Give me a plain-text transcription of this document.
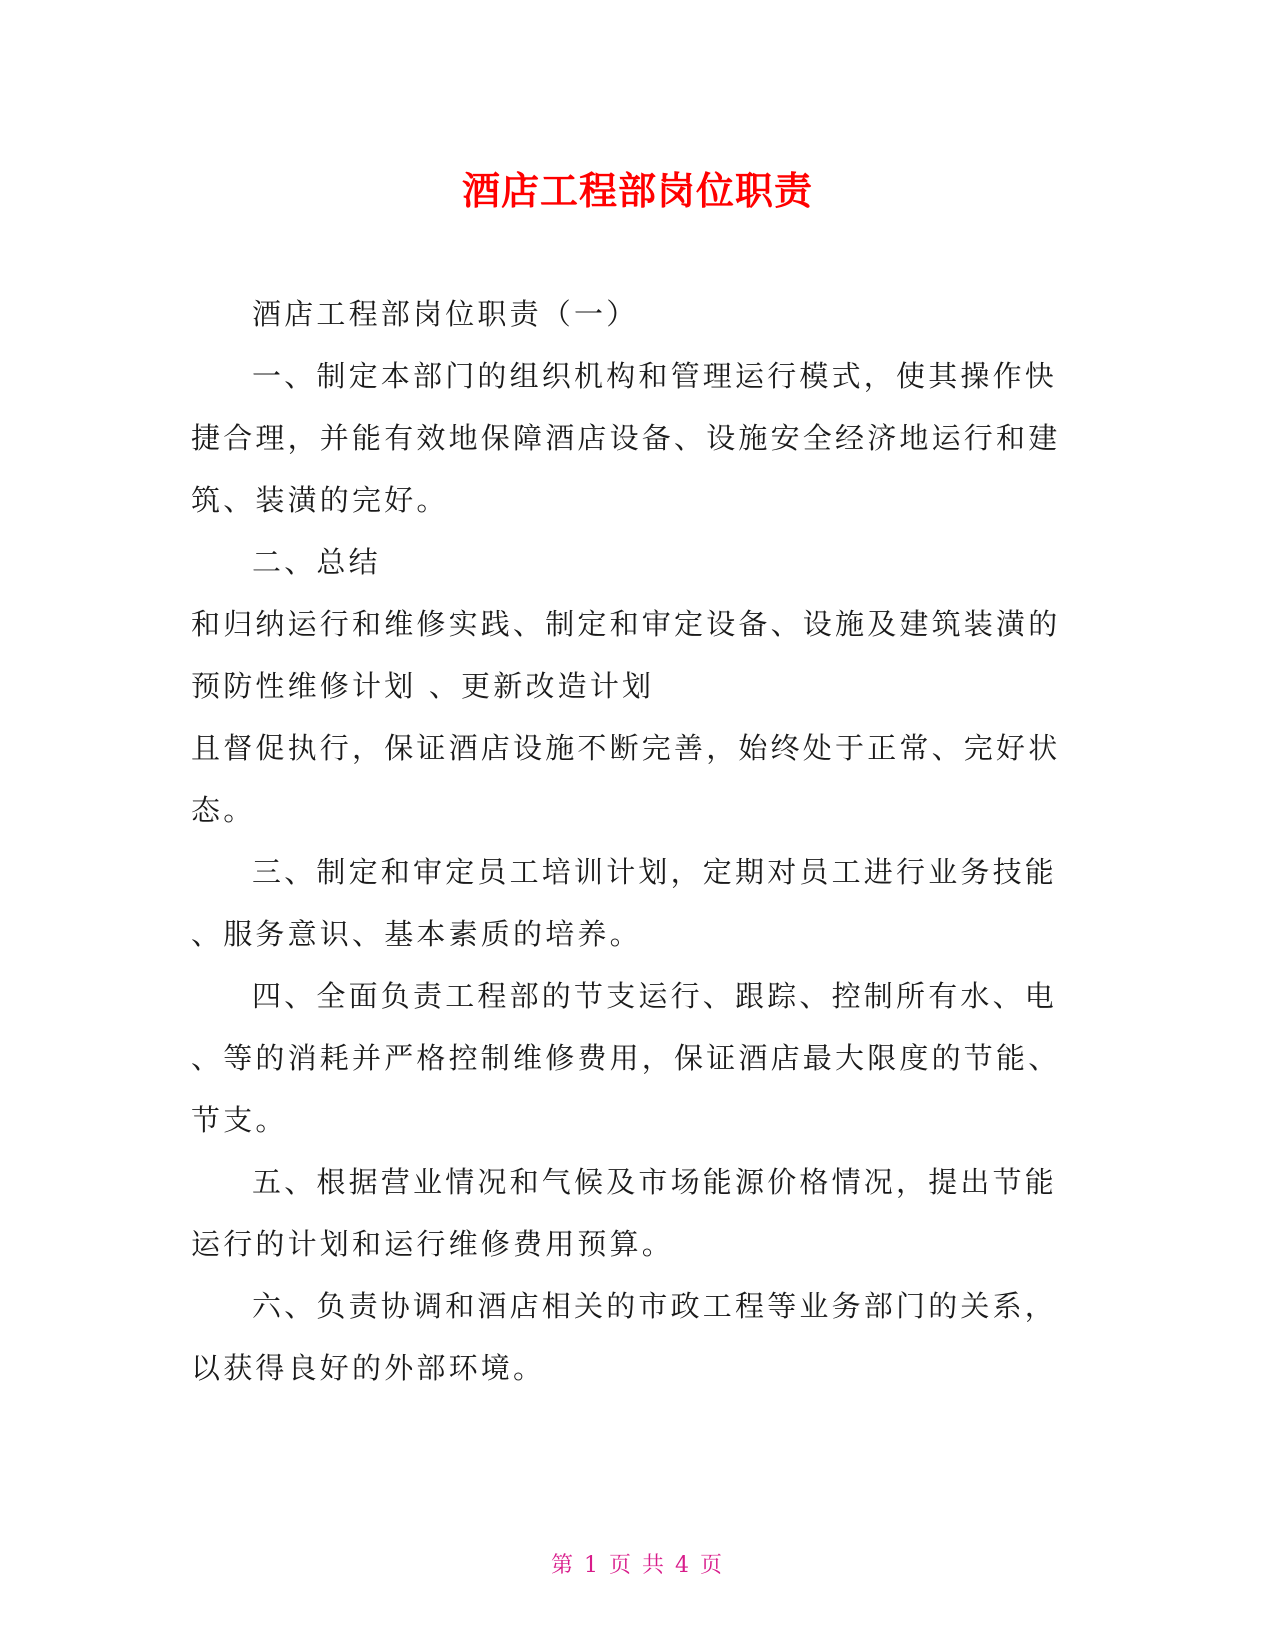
酒店工程部岗位职责
酒店工程部岗位职责（一）
一、制定本部门的组织机构和管理运行模式，使其操作快
捷合理，并能有效地保障酒店设备、设施安全经济地运行和建
筑、装潢的完好。
二、总结
和归纳运行和维修实践、制定和审定设备、设施及建筑装潢的
预防性维修计划 、更新改造计划
且督促执行，保证酒店设施不断完善，始终处于正常、完好状
态。
三、制定和审定员工培训计划，定期对员工进行业务技能
、服务意识、基本素质的培养。
四、全面负责工程部的节支运行、跟踪、控制所有水、电
、等的消耗并严格控制维修费用，保证酒店最大限度的节能、
节支。
五、根据营业情况和气候及市场能源价格情况，提出节能
运行的计划和运行维修费用预算。
六、负责协调和酒店相关的市政工程等业务部门的关系，
以获得良好的外部环境。
第 1 页 共 4 页
